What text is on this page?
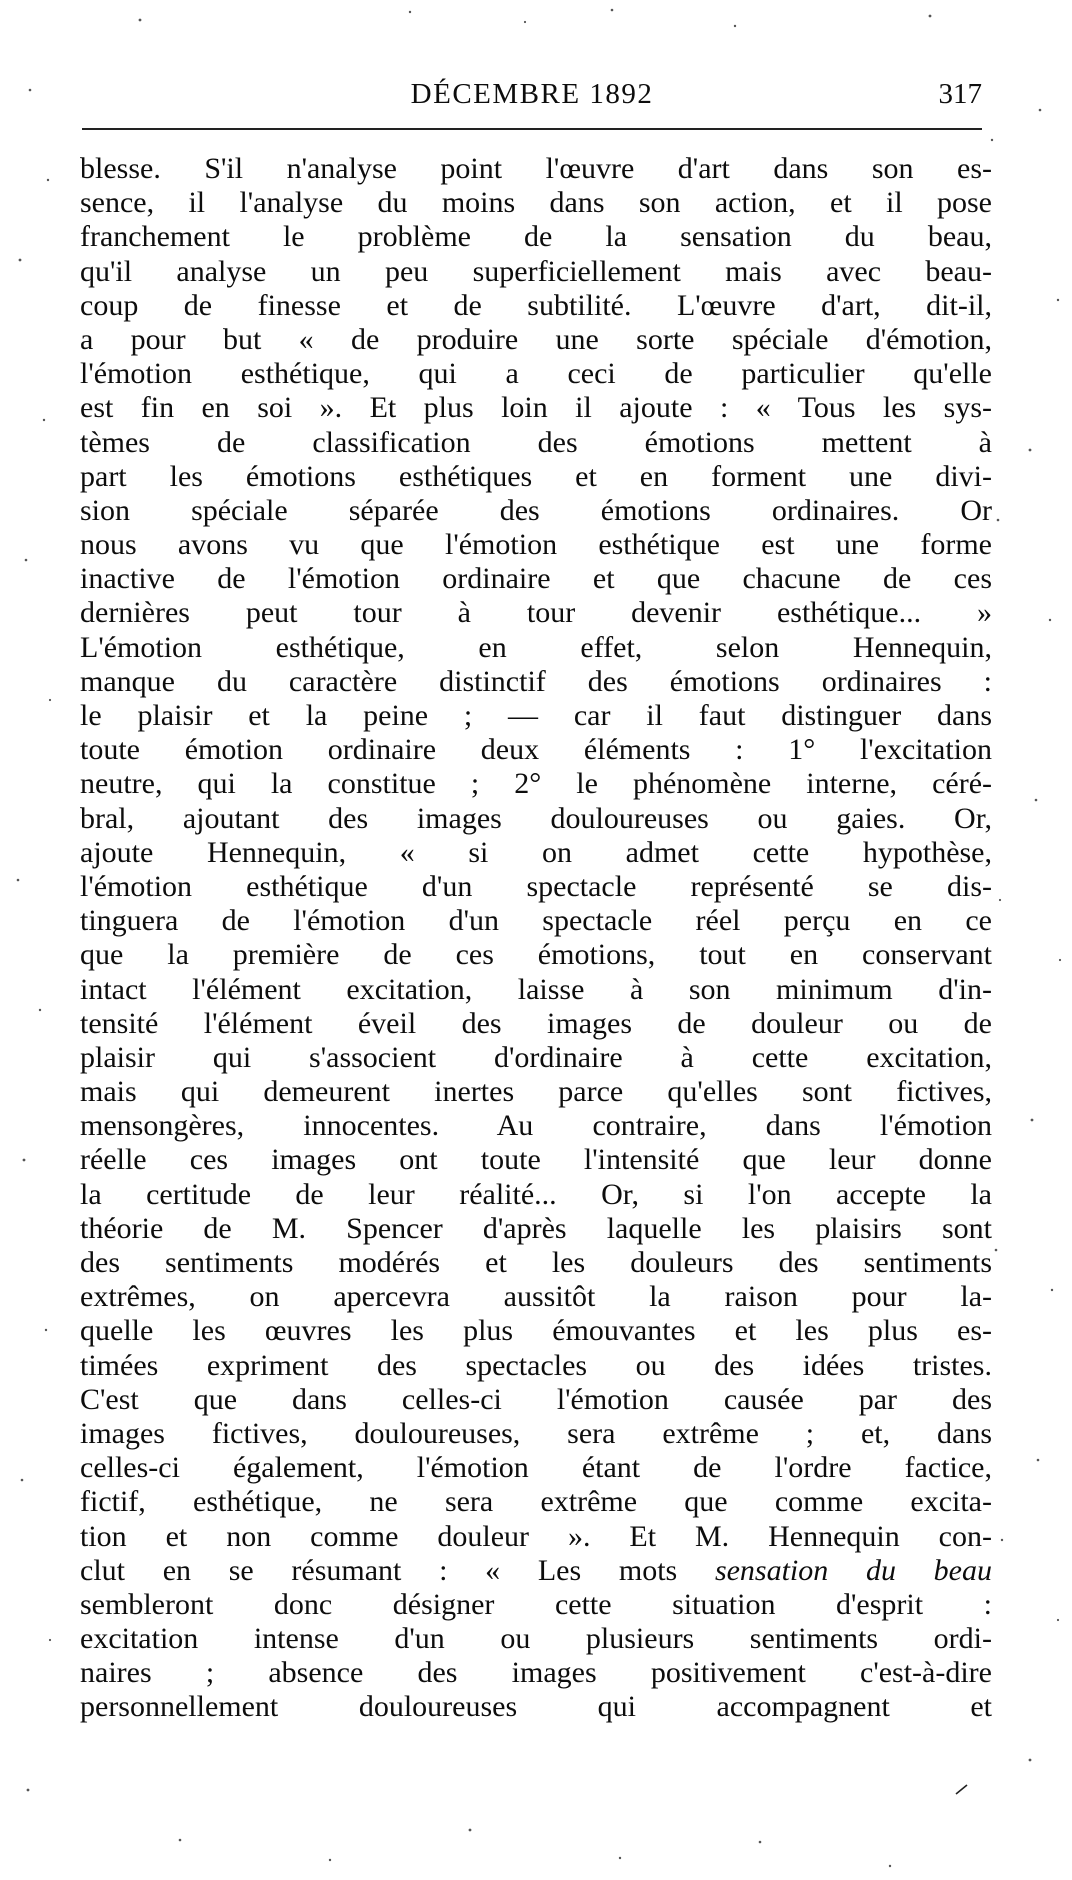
DÉCEMBRE 1892	317
blesse. S'il n'analyse point l'œuvre d'art dans son es-
sence, il l'analyse du moins dans son action, et il pose
franchement le problème de la sensation du beau,
qu'il analyse un peu superficiellement mais avec beau-
coup de finesse et de subtilité. L'œuvre d'art, dit-il,
a pour but « de produire une sorte spéciale d'émotion,
l'émotion esthétique, qui a ceci de particulier qu'elle
est fin en soi ». Et plus loin il ajoute : « Tous les sys-
tèmes de classification des émotions mettent à
part les émotions esthétiques et en forment une divi-
sion spéciale séparée des émotions ordinaires. Or
nous avons vu que l'émotion esthétique est une forme
inactive de l'émotion ordinaire et que chacune de ces
dernières peut tour à tour devenir esthétique... »
L'émotion esthétique, en effet, selon Hennequin,
manque du caractère distinctif des émotions ordinaires :
le plaisir et la peine ; — car il faut distinguer dans
toute émotion ordinaire deux éléments : 1° l'excitation
neutre, qui la constitue ; 2° le phénomène interne, céré-
bral, ajoutant des images douloureuses ou gaies. Or,
ajoute Hennequin, « si on admet cette hypothèse,
l'émotion esthétique d'un spectacle représenté se dis-
tinguera de l'émotion d'un spectacle réel perçu en ce
que la première de ces émotions, tout en conservant
intact l'élément excitation, laisse à son minimum d'in-
tensité l'élément éveil des images de douleur ou de
plaisir qui s'associent d'ordinaire à cette excitation,
mais qui demeurent inertes parce qu'elles sont fictives,
mensongères, innocentes. Au contraire, dans l'émotion
réelle ces images ont toute l'intensité que leur donne
la certitude de leur réalité... Or, si l'on accepte la
théorie de M. Spencer d'après laquelle les plaisirs sont
des sentiments modérés et les douleurs des sentiments
extrêmes, on apercevra aussitôt la raison pour la-
quelle les œuvres les plus émouvantes et les plus es-
timées expriment des spectacles ou des idées tristes.
C'est que dans celles-ci l'émotion causée par des
images fictives, douloureuses, sera extrême ; et, dans
celles-ci également, l'émotion étant de l'ordre factice,
fictif, esthétique, ne sera extrême que comme excita-
tion et non comme douleur ». Et M. Hennequin con-
clut en se résumant : « Les mots sensation du beau
sembleront donc désigner cette situation d'esprit :
excitation intense d'un ou plusieurs sentiments ordi-
naires ; absence des images positivement c'est-à-dire
personnellement douloureuses qui accompagnent et
